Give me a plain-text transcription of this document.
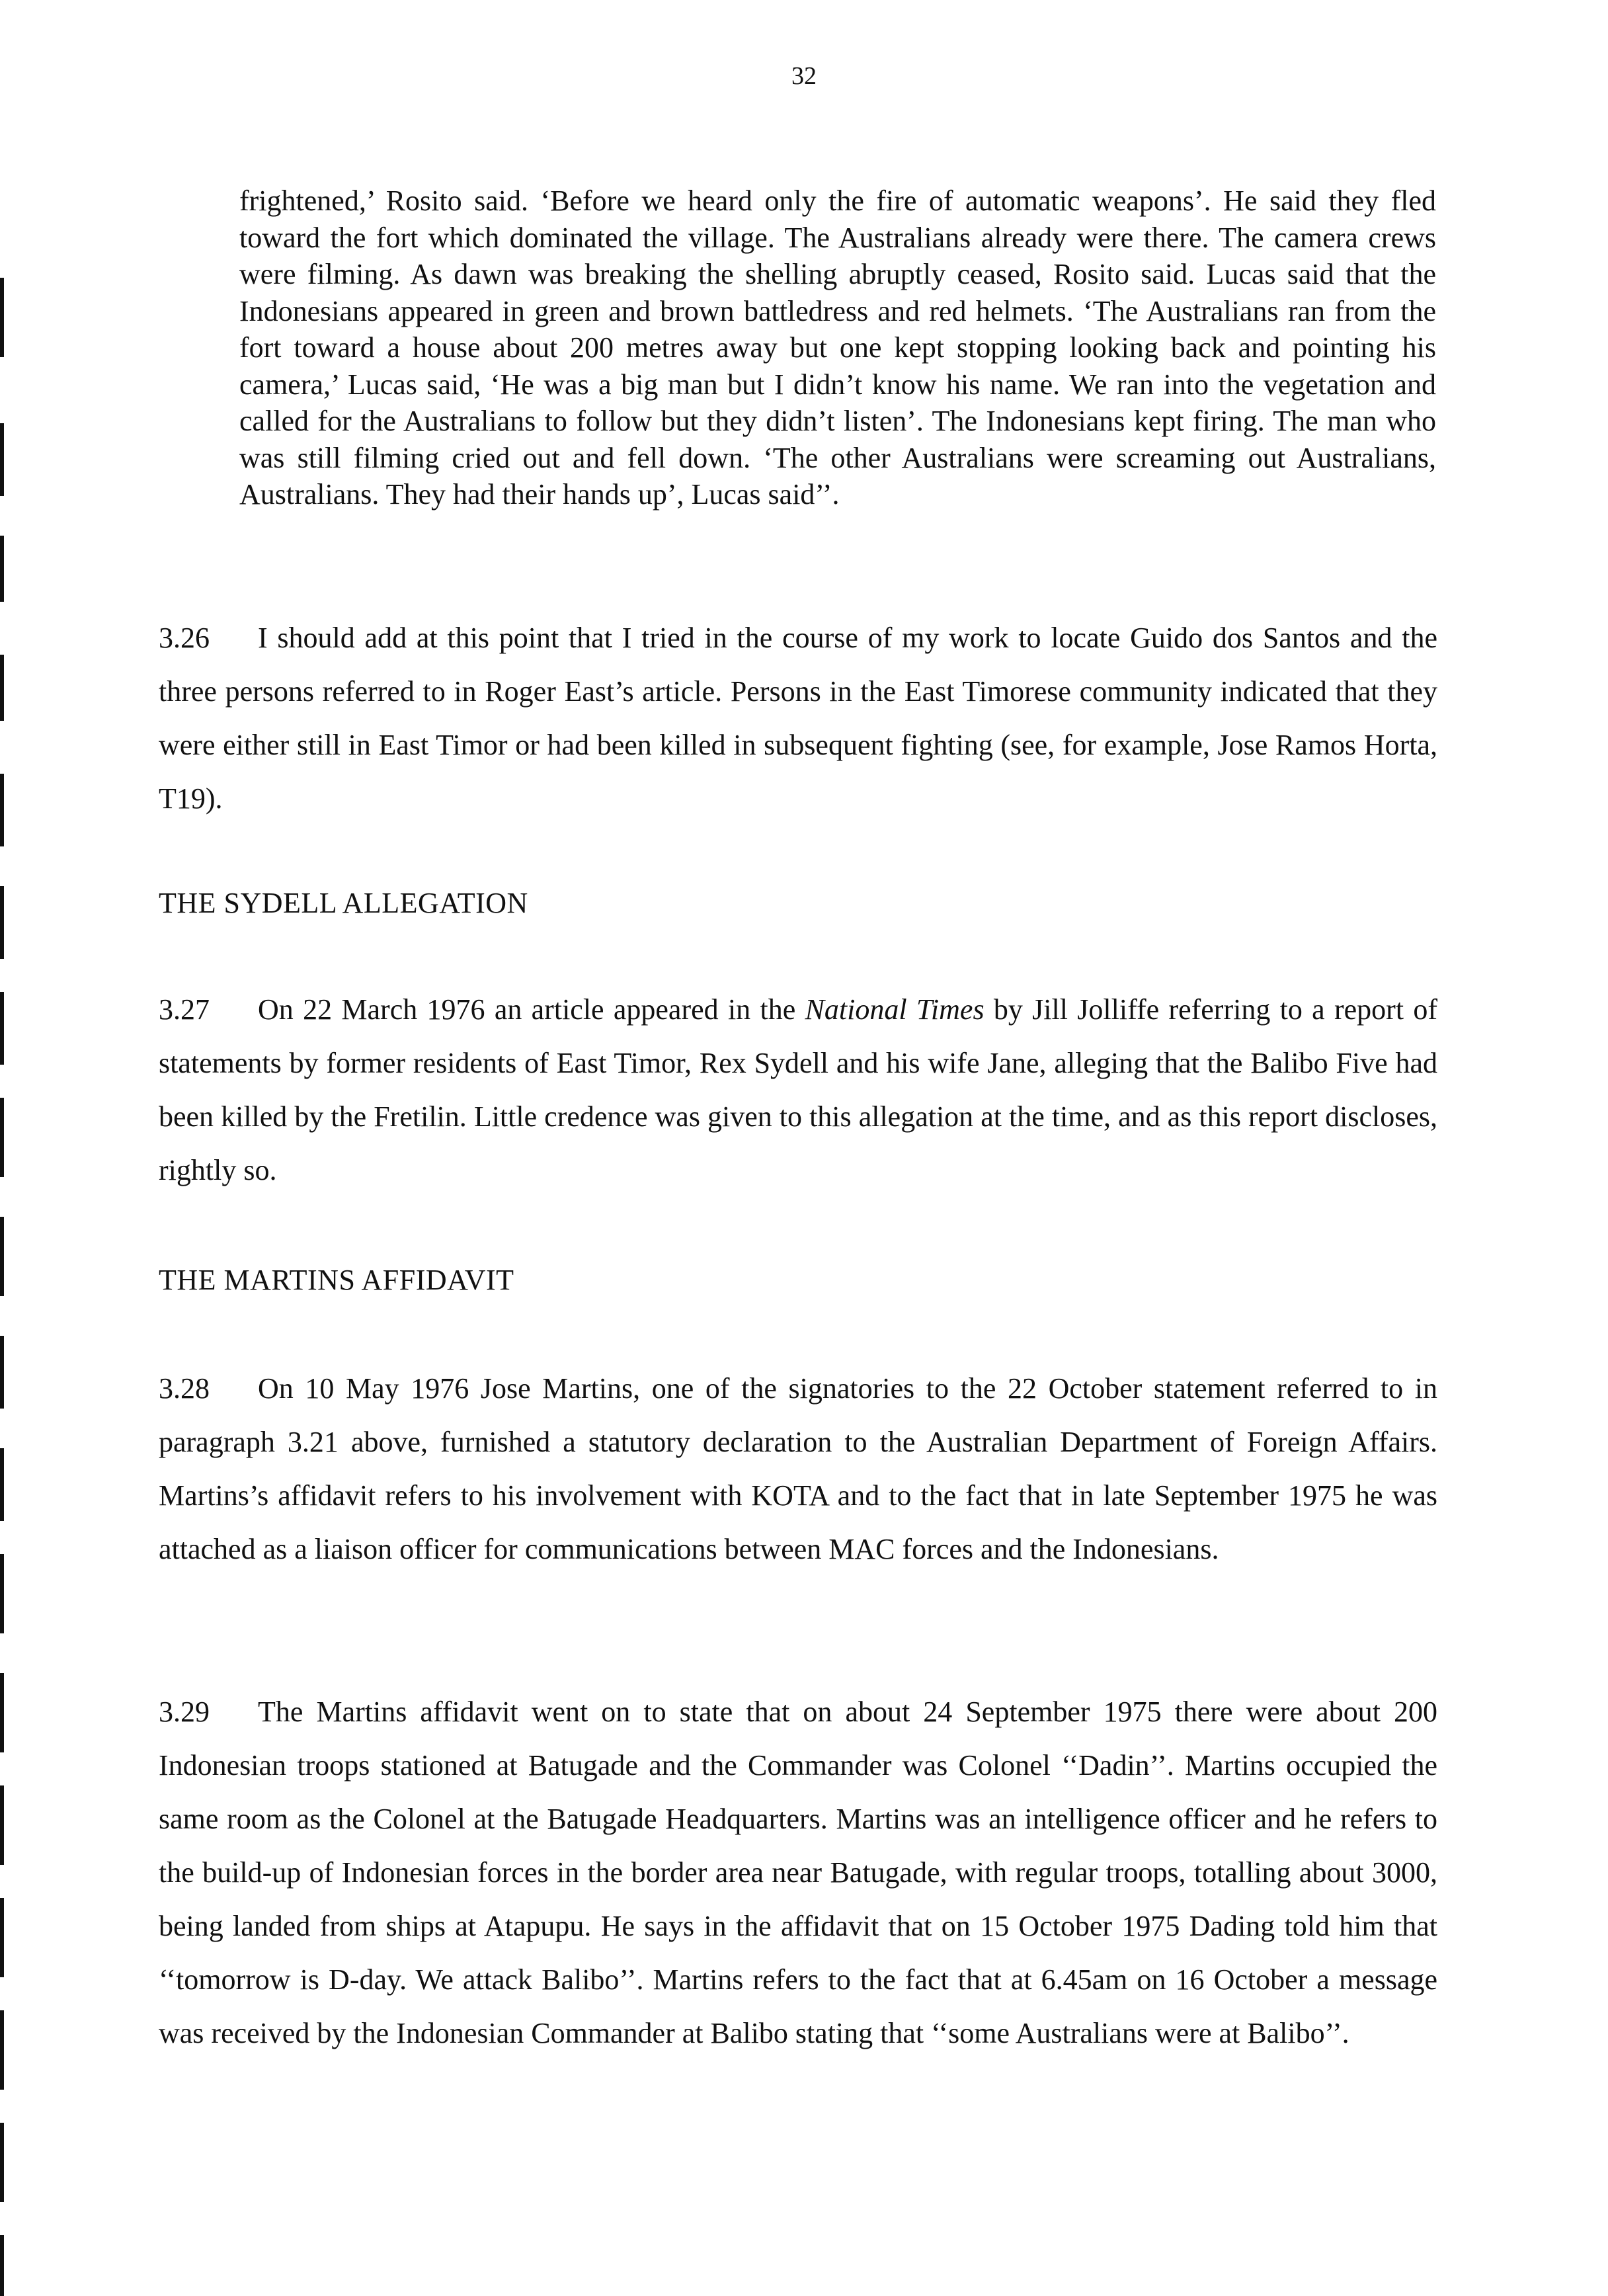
32
frightened,’ Rosito said. ‘Before we heard only the fire of automatic weapons’. He said they fled toward the fort which dominated the village. The Australians already were there. The camera crews were filming. As dawn was breaking the shelling abruptly ceased, Rosito said. Lucas said that the Indonesians appeared in green and brown battledress and red helmets. ‘The Australians ran from the fort toward a house about 200 metres away but one kept stopping looking back and pointing his camera,’ Lucas said, ‘He was a big man but I didn’t know his name. We ran into the vegetation and called for the Australians to follow but they didn’t listen’. The Indonesians kept firing. The man who was still filming cried out and fell down. ‘The other Australians were screaming out Australians, Australians. They had their hands up’, Lucas said’’.
3.26 I should add at this point that I tried in the course of my work to locate Guido dos Santos and the three persons referred to in Roger East’s article. Persons in the East Timorese community indicated that they were either still in East Timor or had been killed in subsequent fighting (see, for example, Jose Ramos Horta, T19).
THE SYDELL ALLEGATION
3.27 On 22 March 1976 an article appeared in the National Times by Jill Jolliffe referring to a report of statements by former residents of East Timor, Rex Sydell and his wife Jane, alleging that the Balibo Five had been killed by the Fretilin. Little credence was given to this allegation at the time, and as this report discloses, rightly so.
THE MARTINS AFFIDAVIT
3.28 On 10 May 1976 Jose Martins, one of the signatories to the 22 October statement referred to in paragraph 3.21 above, furnished a statutory declaration to the Australian Department of Foreign Affairs. Martins’s affidavit refers to his involvement with KOTA and to the fact that in late September 1975 he was attached as a liaison officer for communications between MAC forces and the Indonesians.
3.29 The Martins affidavit went on to state that on about 24 September 1975 there were about 200 Indonesian troops stationed at Batugade and the Commander was Colonel ‘‘Dadin’’. Martins occupied the same room as the Colonel at the Batugade Headquarters. Martins was an intelligence officer and he refers to the build-up of Indonesian forces in the border area near Batugade, with regular troops, totalling about 3000, being landed from ships at Atapupu. He says in the affidavit that on 15 October 1975 Dading told him that ‘‘tomorrow is D-day. We attack Balibo’’. Martins refers to the fact that at 6.45am on 16 October a message was received by the Indonesian Commander at Balibo stating that ‘‘some Australians were at Balibo’’.
